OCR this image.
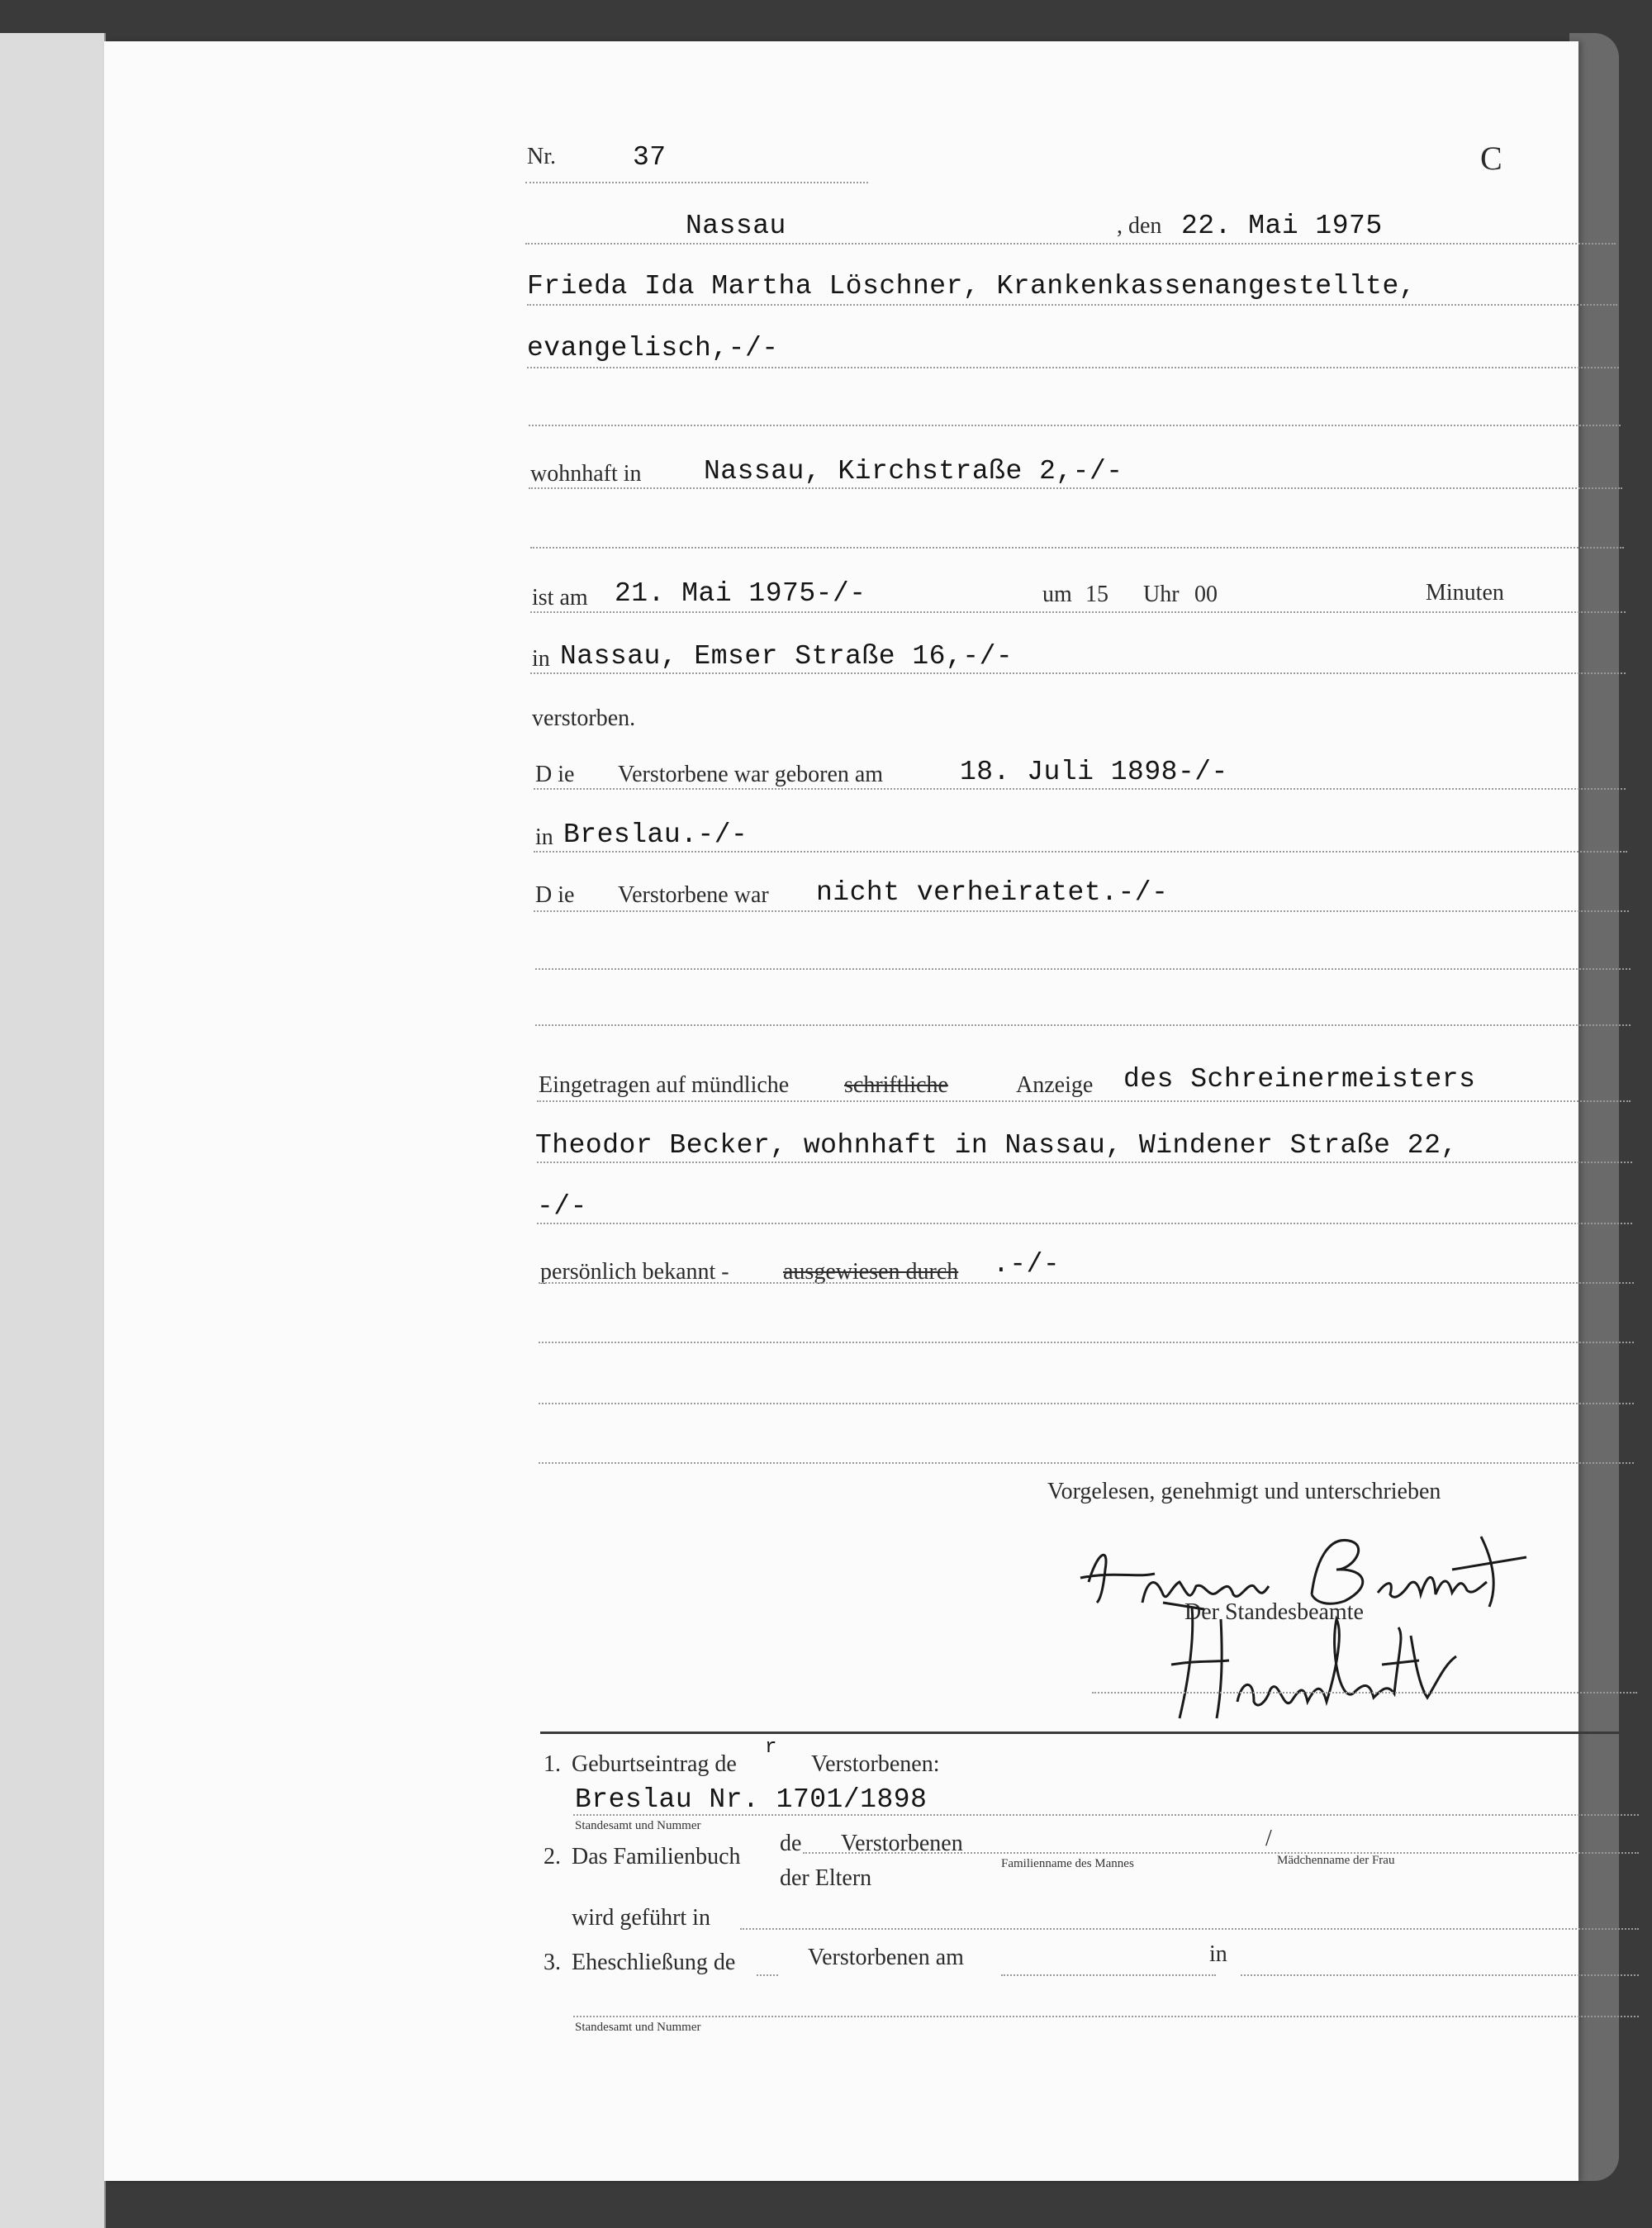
Nr.	37	C
Nassau	, den 22. Mai 1975
Frieda Ida Martha Löschner, Krankenkassenangestellte,
evangelisch,-/-
wohnhaft in Nassau, Kirchstraße 2,-/-
ist am 21. Mai 1975-/-	um 15 Uhr 00	Minuten
in Nassau, Emser Straße 16,-/-
verstorben.
D ie Verstorbene war geboren am	18. Juli 1898-/-
in Breslau.-/-
D ie Verstorbene war nicht verheiratet.-/-
Eingetragen auf mündliche schriftliche	Anzeige des Schreinermeisters
Theodor Becker, wohnhaft in Nassau, Windener Straße 22,
-/-
persönlich bekannt - ausgewiesen durch .-/-
Vorgelesen, genehmigt und unterschrieben
Der Standesbeamte
1. Geburtseintrag de
r
Verstorbenen:
Breslau Nr. 1701/1898
Standesamt und Nummer
2. Das Familienbuch
de Verstorbenen
der Eltern
/
Familienname des Mannes	Mädchenname der Frau
wird geführt in
3. Eheschließung de	Verstorbenen am	in
Standesamt und Nummer
